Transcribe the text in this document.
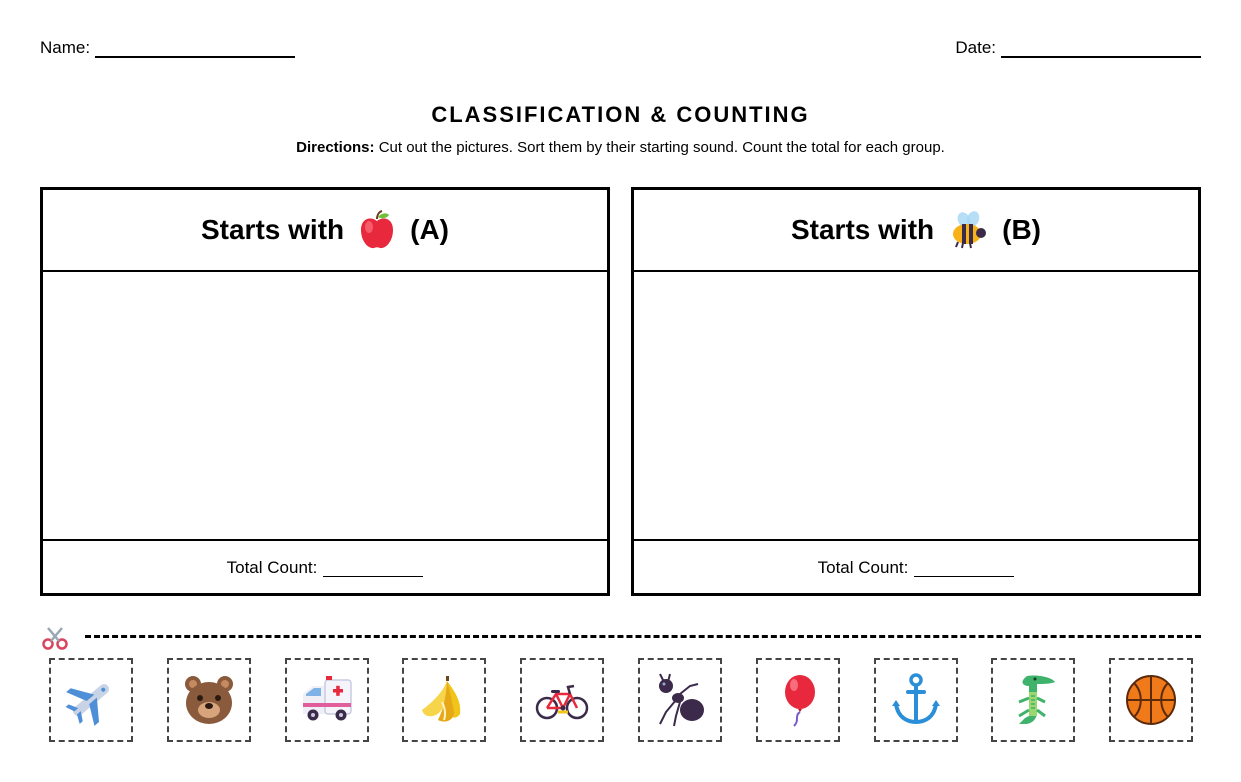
Name:	Date:
CLASSIFICATION & COUNTING
Directions: Cut out the pictures. Sort them by their starting sound. Count the total for each group.
Starts with (A)
Total Count:
Starts with (B)
Total Count:
